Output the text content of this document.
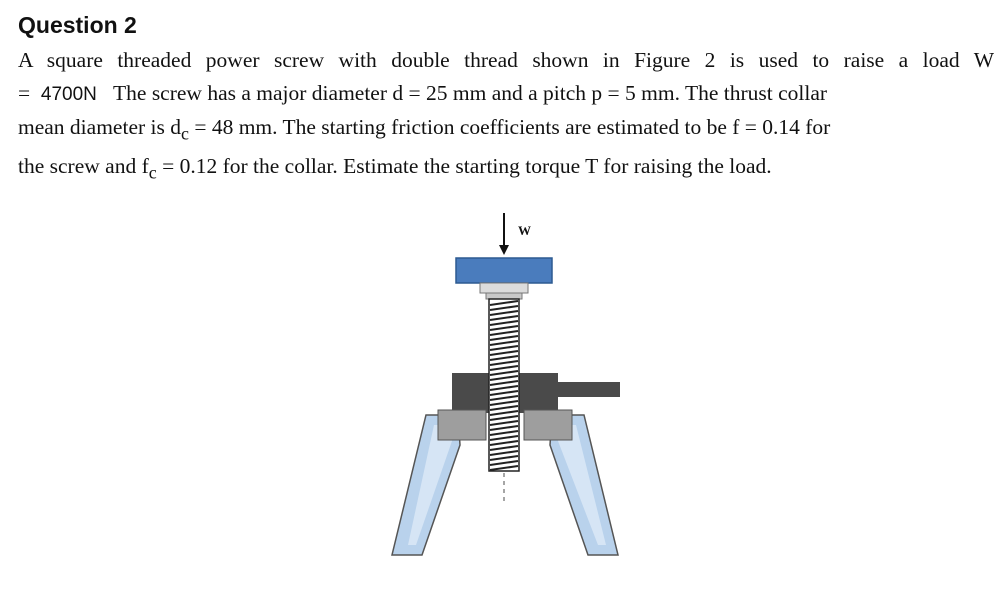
Question 2
A square threaded power screw with double thread shown in Figure 2 is used to raise a load W
= 4700N The screw has a major diameter d = 25 mm and a pitch p = 5 mm. The thrust collar
mean diameter is $d_c = 48$ mm. The starting friction coefficients are estimated to be f = 0.14 for
the screw and $f_c = 0.12$ for the collar. Estimate the starting torque T for raising the load.
W
